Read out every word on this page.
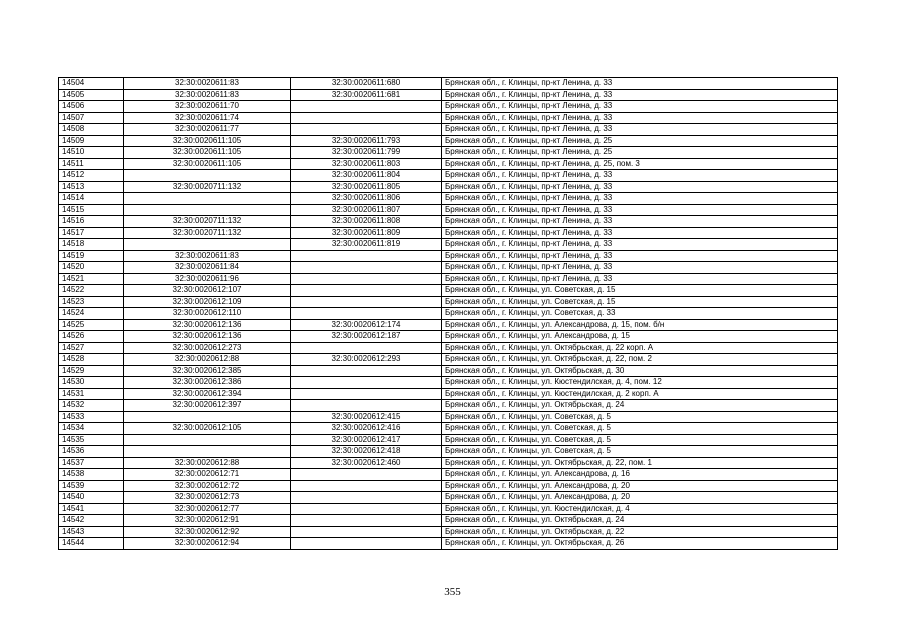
14504	32:30:0020611:83	32:30:0020611:680	Брянская обл., г. Клинцы, пр-кт Ленина, д. 33
14505	32:30:0020611:83	32:30:0020611:681	Брянская обл., г. Клинцы, пр-кт Ленина, д. 33
14506	32:30:0020611:70		Брянская обл., г. Клинцы, пр-кт Ленина, д. 33
14507	32:30:0020611:74		Брянская обл., г. Клинцы, пр-кт Ленина, д. 33
14508	32:30:0020611:77		Брянская обл., г. Клинцы, пр-кт Ленина, д. 33
14509	32:30:0020611:105	32:30:0020611:793	Брянская обл., г. Клинцы, пр-кт Ленина, д. 25
14510	32:30:0020611:105	32:30:0020611:799	Брянская обл., г. Клинцы, пр-кт Ленина, д. 25
14511	32:30:0020611:105	32:30:0020611:803	Брянская обл., г. Клинцы, пр-кт Ленина, д. 25, пом. 3
14512		32:30:0020611:804	Брянская обл., г. Клинцы, пр-кт Ленина, д. 33
14513	32:30:0020711:132	32:30:0020611:805	Брянская обл., г. Клинцы, пр-кт Ленина, д. 33
14514		32:30:0020611:806	Брянская обл., г. Клинцы, пр-кт Ленина, д. 33
14515		32:30:0020611:807	Брянская обл., г. Клинцы, пр-кт Ленина, д. 33
14516	32:30:0020711:132	32:30:0020611:808	Брянская обл., г. Клинцы, пр-кт Ленина, д. 33
14517	32:30:0020711:132	32:30:0020611:809	Брянская обл., г. Клинцы, пр-кт Ленина, д. 33
14518		32:30:0020611:819	Брянская обл., г. Клинцы, пр-кт Ленина, д. 33
14519	32:30:0020611:83		Брянская обл., г. Клинцы, пр-кт Ленина, д. 33
14520	32:30:0020611:84		Брянская обл., г. Клинцы, пр-кт Ленина, д. 33
14521	32:30:0020611:96		Брянская обл., г. Клинцы, пр-кт Ленина, д. 33
14522	32:30:0020612:107		Брянская обл., г. Клинцы, ул. Советская, д. 15
14523	32:30:0020612:109		Брянская обл., г. Клинцы, ул. Советская, д. 15
14524	32:30:0020612:110		Брянская обл., г. Клинцы, ул. Советская, д. 33
14525	32:30:0020612:136	32:30:0020612:174	Брянская обл., г. Клинцы, ул. Александрова, д. 15, пом. б/н
14526	32:30:0020612:136	32:30:0020612:187	Брянская обл., г. Клинцы, ул. Александрова, д. 15
14527	32:30:0020612:273		Брянская обл., г. Клинцы, ул. Октябрьская, д. 22 корп. А
14528	32:30:0020612:88	32:30:0020612:293	Брянская обл., г. Клинцы, ул. Октябрьская, д. 22, пом. 2
14529	32:30:0020612:385		Брянская обл., г. Клинцы, ул. Октябрьская, д. 30
14530	32:30:0020612:386		Брянская обл., г. Клинцы, ул. Кюстендилская, д. 4, пом. 12
14531	32:30:0020612:394		Брянская обл., г. Клинцы, ул. Кюстендилская, д. 2 корп. А
14532	32:30:0020612:397		Брянская обл., г. Клинцы, ул. Октябрьская, д. 24
14533		32:30:0020612:415	Брянская обл., г. Клинцы, ул. Советская, д. 5
14534	32:30:0020612:105	32:30:0020612:416	Брянская обл., г. Клинцы, ул. Советская, д. 5
14535		32:30:0020612:417	Брянская обл., г. Клинцы, ул. Советская, д. 5
14536		32:30:0020612:418	Брянская обл., г. Клинцы, ул. Советская, д. 5
14537	32:30:0020612:88	32:30:0020612:460	Брянская обл., г. Клинцы, ул. Октябрьская, д. 22, пом. 1
14538	32:30:0020612:71		Брянская обл., г. Клинцы, ул. Александрова, д. 16
14539	32:30:0020612:72		Брянская обл., г. Клинцы, ул. Александрова, д. 20
14540	32:30:0020612:73		Брянская обл., г. Клинцы, ул. Александрова, д. 20
14541	32:30:0020612:77		Брянская обл., г. Клинцы, ул. Кюстендилская, д. 4
14542	32:30:0020612:91		Брянская обл., г. Клинцы, ул. Октябрьская, д. 24
14543	32:30:0020612:92		Брянская обл., г. Клинцы, ул. Октябрьская, д. 22
14544	32:30:0020612:94		Брянская обл., г. Клинцы, ул. Октябрьская, д. 26
355
